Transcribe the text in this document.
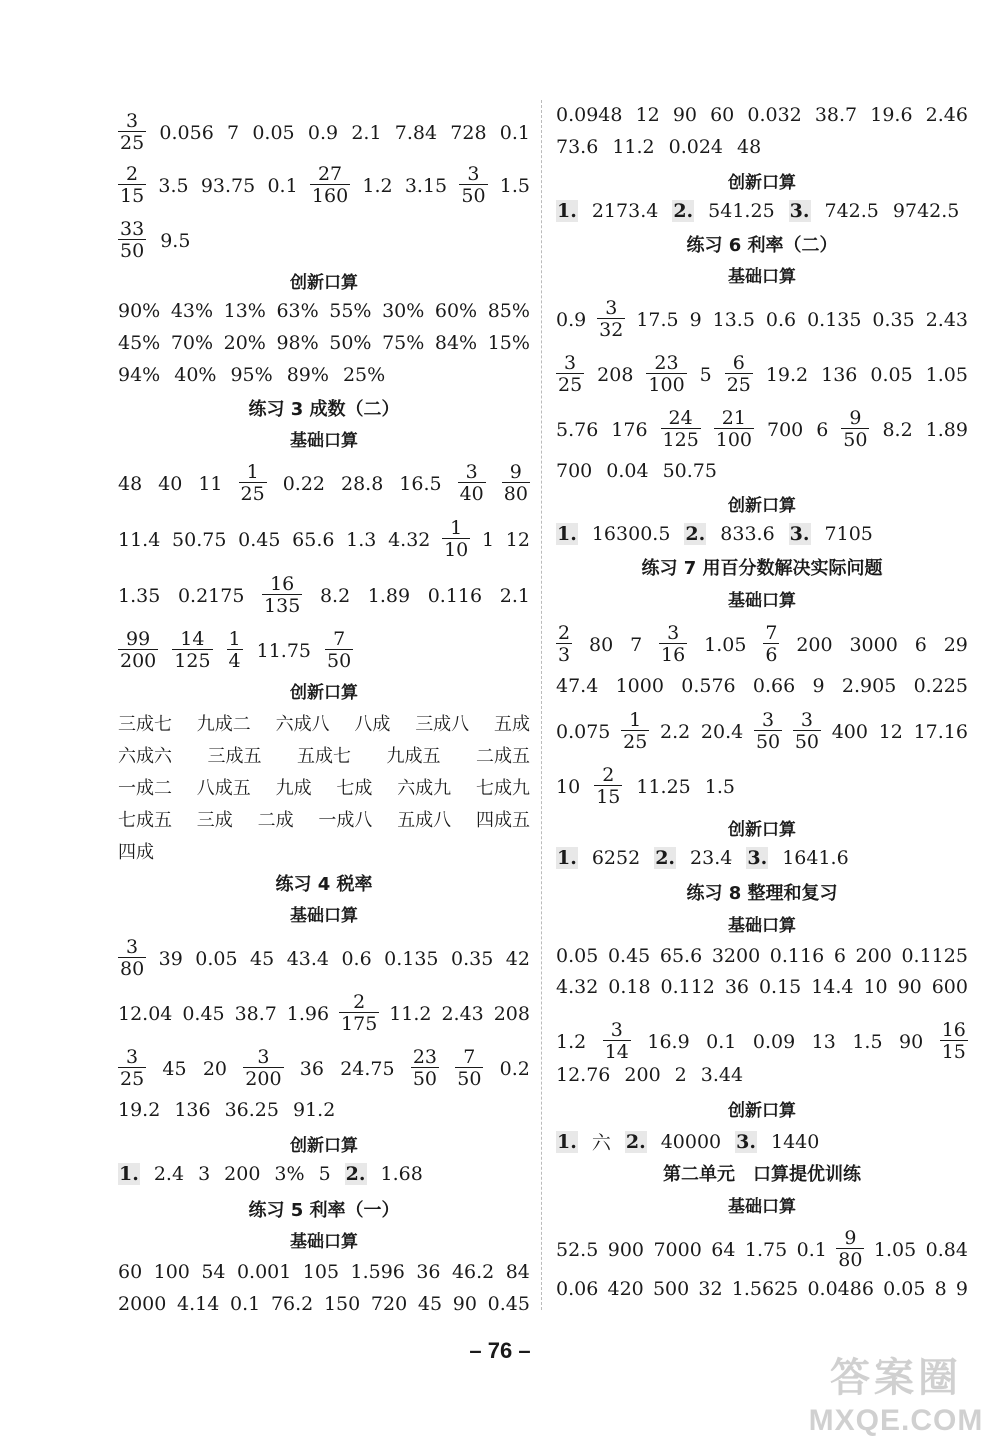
$\frac{3}{25} 0.056$ 7 0.05 0.9 2.1 7.84 728 0.1
$\frac{2}{15} 3.5$ 93.75 $0.1 \frac{27}{160} 1.2$ $3.15 \frac{3}{50} 1.5$
$\frac{33}{50} 9.5$
创新口算
90% 43% 13% 63% 55% 30% 60% 85%
45% 70% 20% 98% 50% 75% 84% 15%
94% 40% 95% 89% 25%
练习 3 成数（二）
基础口算
48 40 $11 \frac{1}{25} 0.22$ 28.8 $16.5 \frac{3}{40} \frac{9}{80}$
11.4 50.75 0.45 65.6 1.3 $4.32 \frac{1}{10} 1$ 12
1.35 $0.2175 \frac{16}{135} 8.2$ 1.89 0.116 2.1
$\frac{99}{200} \frac{14}{125} \frac{1}{4} 11.75 \frac{7}{50}$
创新口算
三成七 九成二 六成八 八成 三成八 五成
六成六 三成五 五成七 九成五 二成五
一成二 八成五 九成 七成 六成九 七成九
七成五 三成 二成 一成八 五成八 四成五
四成
练习 4 税率
基础口算
$\frac{3}{80} 39$ 0.05 45 43.4 0.6 0.135 0.35 42
12.04 0.45 38.7 $1.96 \frac{2}{175} 11.2$ 2.43 208
$\frac{3}{25} 45$ $20 \frac{3}{200} 36$ $24.75 \frac{23}{50} \frac{7}{50} 0.2$
19.2 136 36.25 91.2
创新口算
1. 2.4 3 200 3% 5 2. 1.68
练习 5 利率（一）
基础口算
60 100 54 0.001 105 1.596 36 46.2 84
2000 4.14 0.1 76.2 150 720 45 90 0.45
0.0948 12 90 60 0.032 38.7 19.6 2.46
73.6 11.2 0.024 48
创新口算
1. 2173.4 2. 541.25 3. 742.5 9742.5
练习 6 利率（二）
基础口算
$0.9 \frac{3}{32} 17.5$ 9 13.5 0.6 0.135 0.35 2.43
$\frac{3}{25} 208 \frac{23}{100} 5 \frac{6}{25} 19.2$ 136 0.05 1.05
5.76 $176 \frac{24}{125} \frac{21}{100} 700$ $6 \frac{9}{50} 8.2$ 1.89
700 0.04 50.75
创新口算
1. 16300.5 2. 833.6 3. 7105
练习 7 用百分数解决实际问题
基础口算
$\frac{2}{3} 80$ $7 \frac{3}{16} 1.05 \frac{7}{6} 200$ 3000 6 29
47.4 1000 0.576 0.66 9 2.905 0.225
$0.075 \frac{1}{25} 2.2$ $20.4 \frac{3}{50} \frac{3}{50} 400$ 12 17.16
$10 \frac{2}{15} 11.25$ 1.5
创新口算
1. 6252 2. 23.4 3. 1641.6
练习 8 整理和复习
基础口算
0.05 0.45 65.6 3200 0.116 6 200 0.1125
4.32 0.18 0.112 36 0.15 14.4 10 90 600
$1.2 \frac{3}{14} 16.9$ 0.1 0.09 13 1.5 $90 \frac{16}{15}$
12.76 200 2 3.44
创新口算
1. 六 2. 40000 3. 1440
第二单元　口算提优训练
基础口算
52.5 900 7000 64 1.75 $0.1 \frac{9}{80} 1.05$ 0.84
0.06 420 500 32 1.5625 0.0486 0.05 8 9
– 76 –
答案圈
MXQE.COM
